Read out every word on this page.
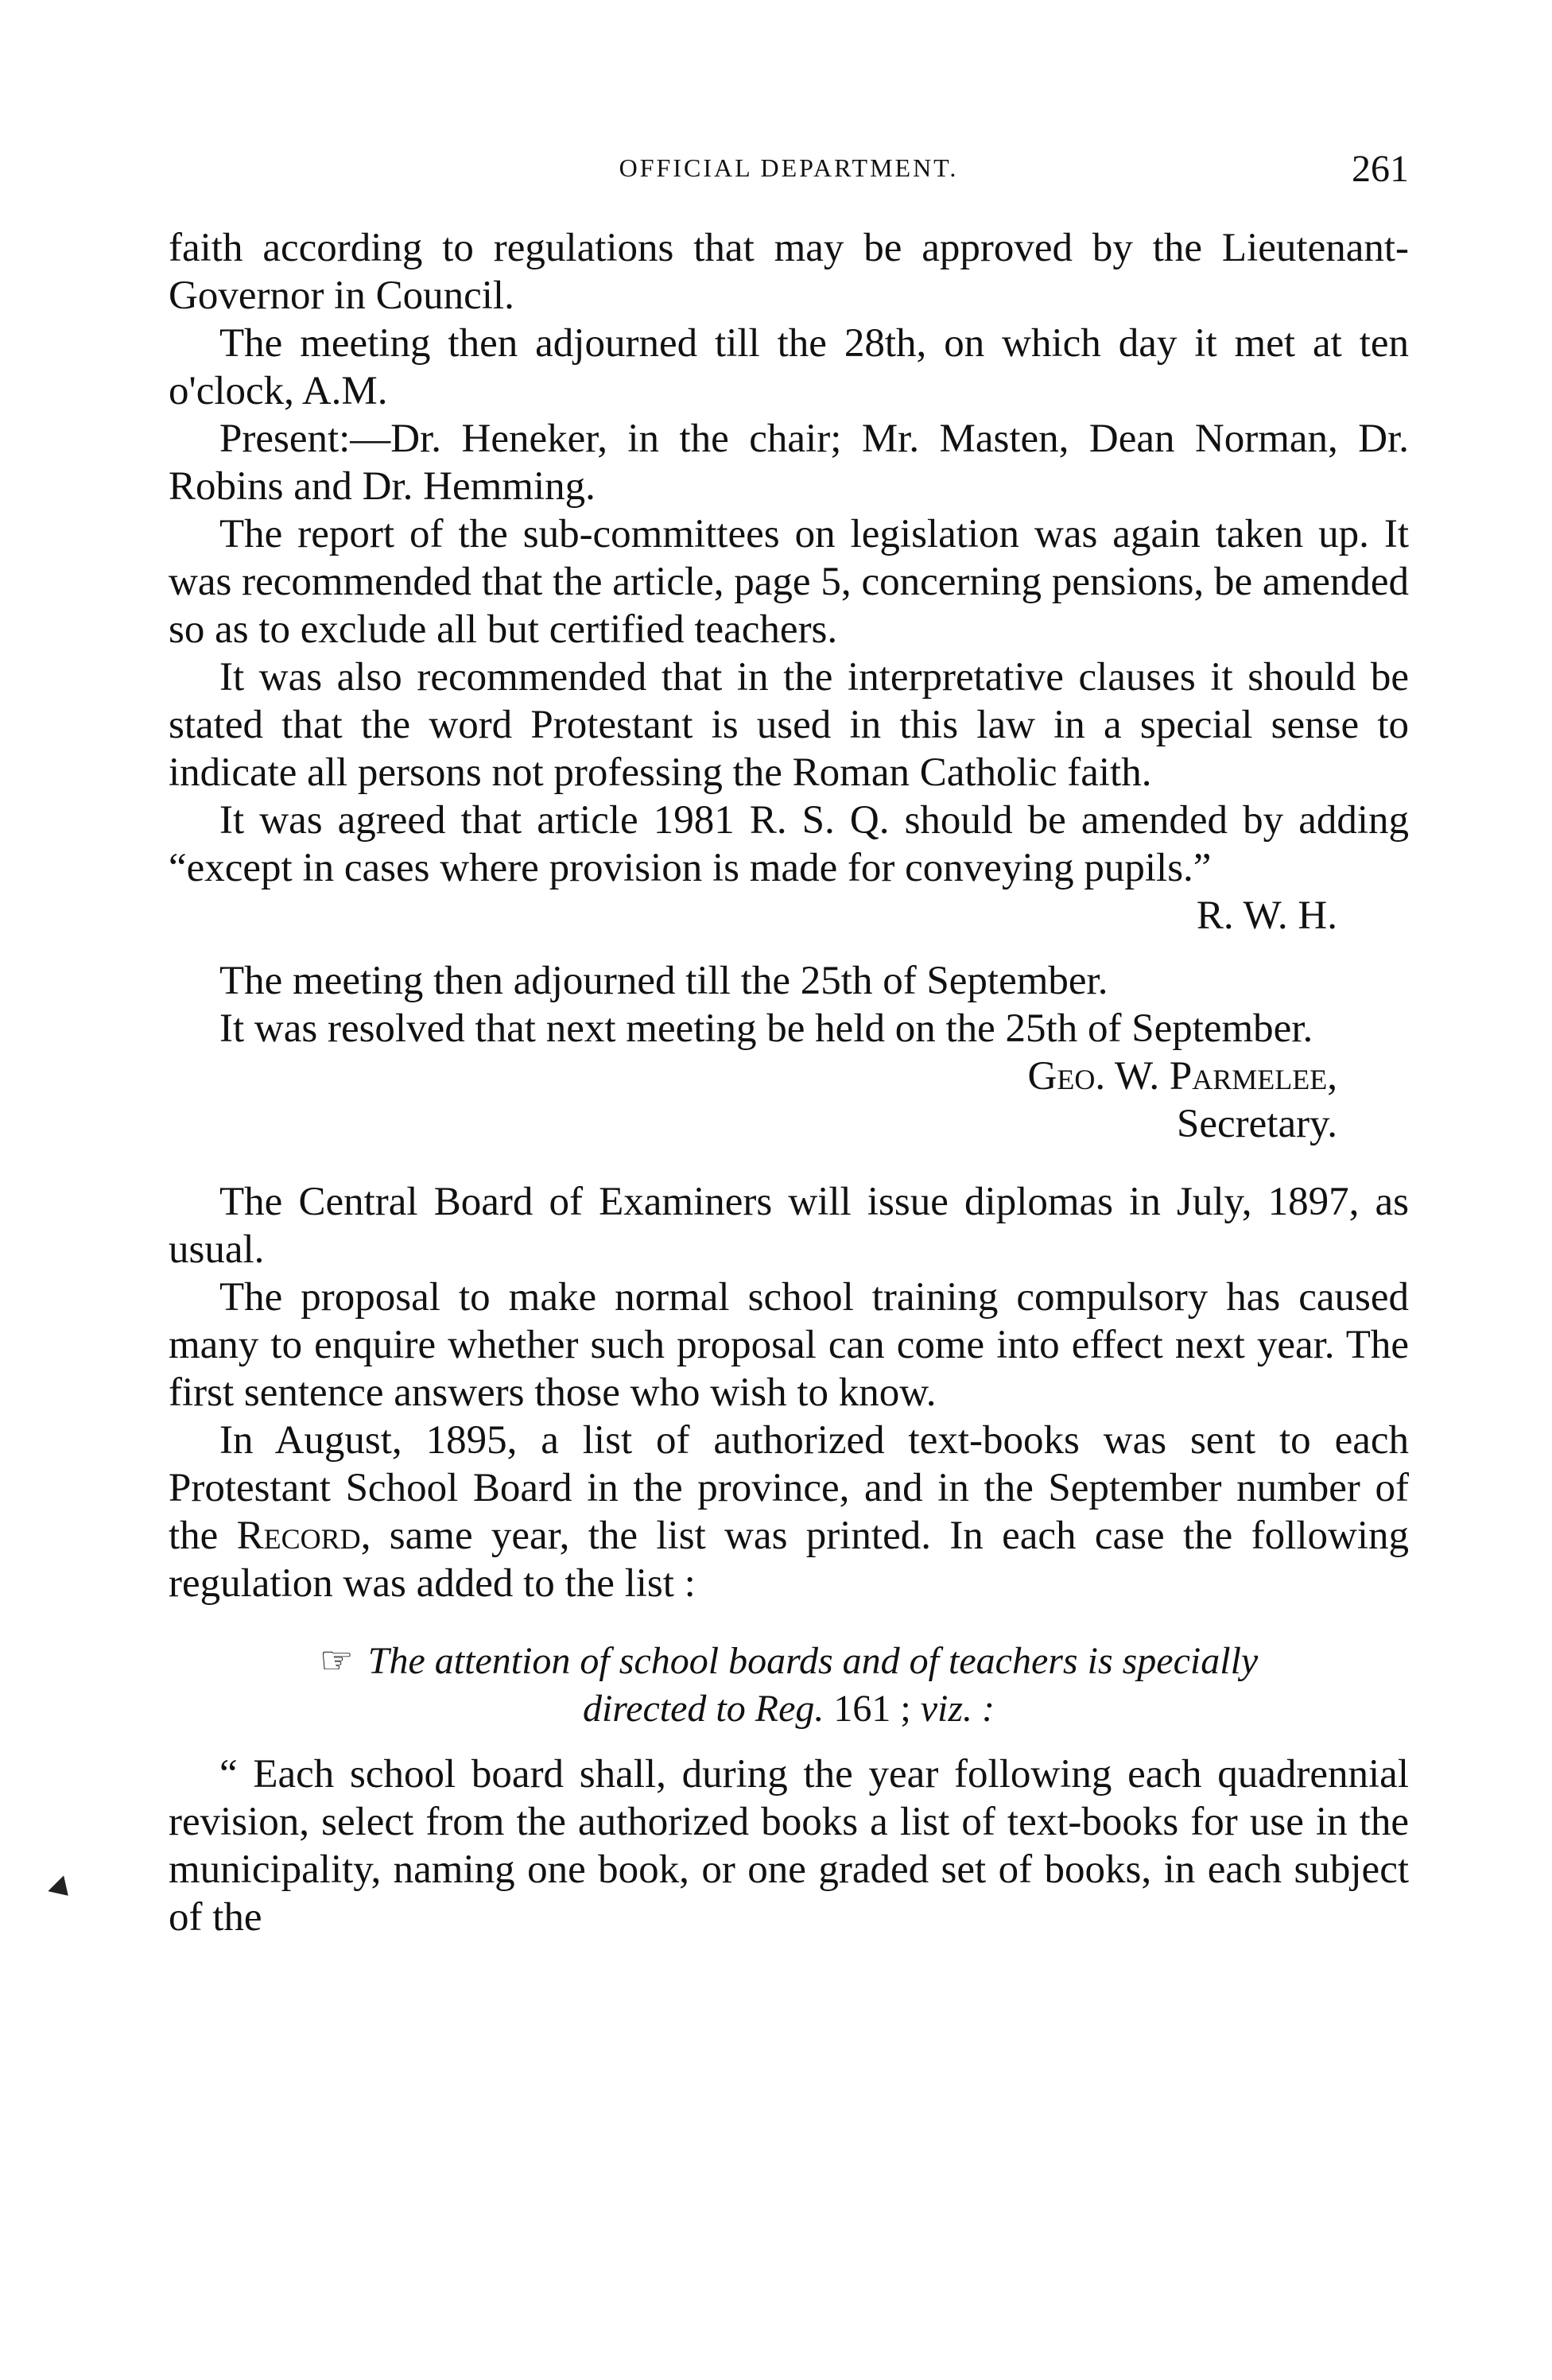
OFFICIAL DEPARTMENT.	261

faith according to regulations that may be approved by the Lieutenant-Governor in Council.

The meeting then adjourned till the 28th, on which day it met at ten o'clock, A.M.

Present:—Dr. Heneker, in the chair; Mr. Masten, Dean Norman, Dr. Robins and Dr. Hemming.

The report of the sub-committees on legislation was again taken up. It was recommended that the article, page 5, concerning pensions, be amended so as to exclude all but certified teachers.

It was also recommended that in the interpretative clauses it should be stated that the word Protestant is used in this law in a special sense to indicate all persons not professing the Roman Catholic faith.

It was agreed that article 1981 R. S. Q. should be amended by adding “except in cases where provision is made for conveying pupils.”

R. W. H.

The meeting then adjourned till the 25th of September.

It was resolved that next meeting be held on the 25th of September.

Geo. W. Parmelee,

Secretary.

The Central Board of Examiners will issue diplomas in July, 1897, as usual.

The proposal to make normal school training compulsory has caused many to enquire whether such proposal can come into effect next year. The first sentence answers those who wish to know.

In August, 1895, a list of authorized text-books was sent to each Protestant School Board in the province, and in the September number of the Record, same year, the list was printed. In each case the following regulation was added to the list :

☞ The attention of school boards and of teachers is specially
directed to Reg. 161 ; viz. :

“ Each school board shall, during the year following each quadrennial revision, select from the authorized books a list of text-books for use in the municipality, naming one book, or one graded set of books, in each subject of the
